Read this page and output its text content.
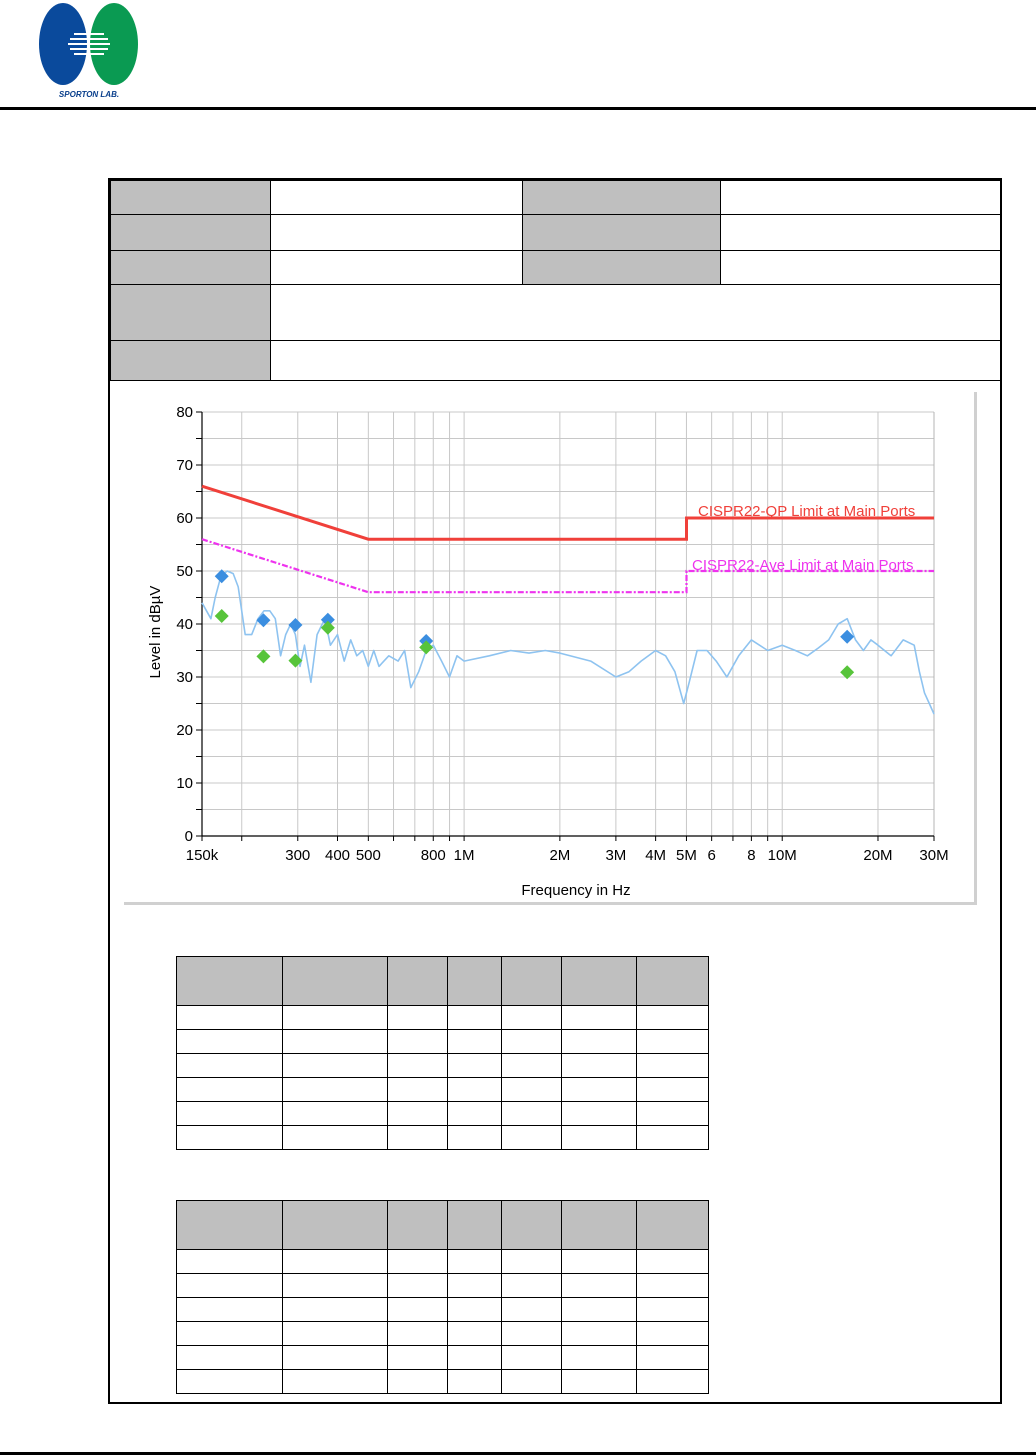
SPORTON LAB.

Level in dBµV
Frequency in Hz
CISPR22-QP Limit at Main Ports
CISPR22-Ave Limit at Main Ports
0
10
20
30
40
50
60
70
80
150k	300 400 500	800 1M	2M 3M 4M 5M 6 8 10M	20M 30M
